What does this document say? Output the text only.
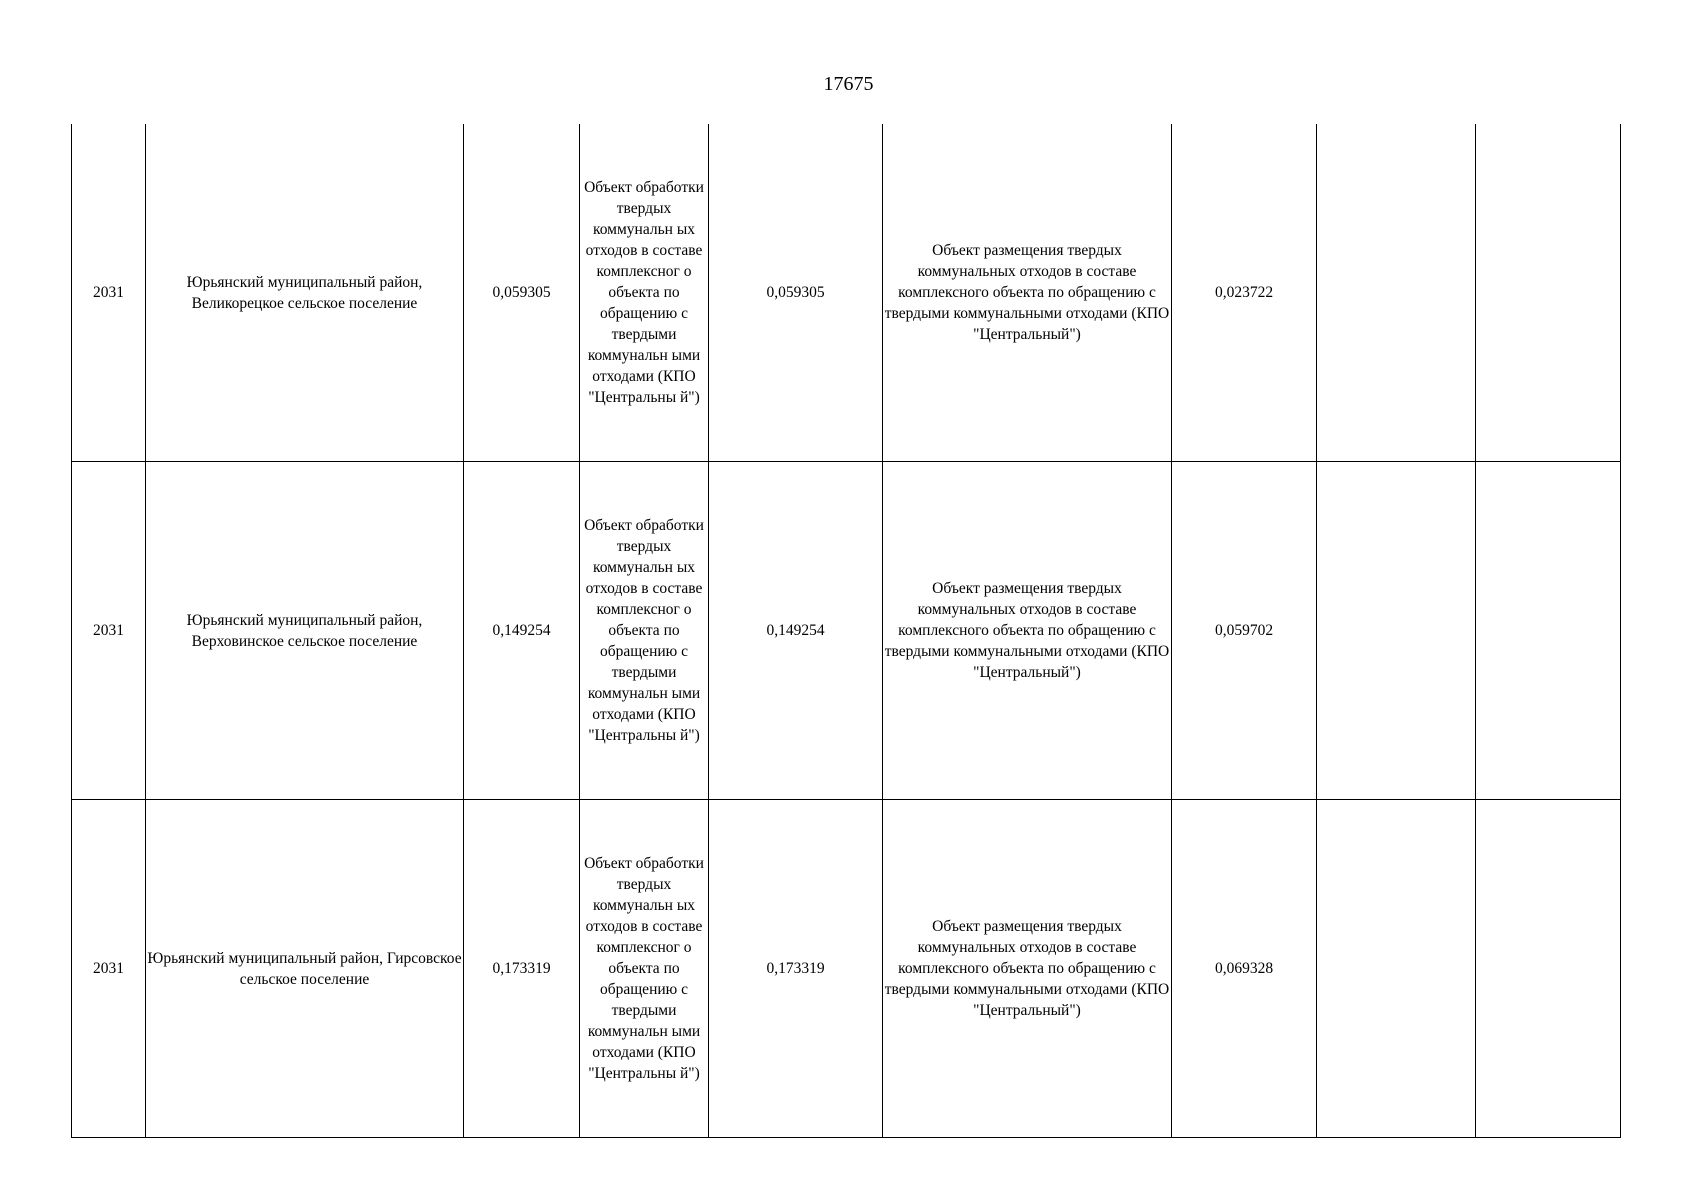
17675
2031	Юрьянский муниципальный район, Великорецкое сельское поселение	0,059305	Объект обработки твердых коммунальн ых отходов в составе комплексног о объекта по обращению с твердыми коммунальн ыми отходами (КПО "Центральны й")	0,059305	Объект размещения твердых коммунальных отходов в составе комплексного объекта по обращению с твердыми коммунальными отходами (КПО "Центральный")	0,023722		
2031	Юрьянский муниципальный район, Верховинское сельское поселение	0,149254	Объект обработки твердых коммунальн ых отходов в составе комплексног о объекта по обращению с твердыми коммунальн ыми отходами (КПО "Центральны й")	0,149254	Объект размещения твердых коммунальных отходов в составе комплексного объекта по обращению с твердыми коммунальными отходами (КПО "Центральный")	0,059702		
2031	Юрьянский муниципальный район, Гирсовское сельское поселение	0,173319	Объект обработки твердых коммунальн ых отходов в составе комплексног о объекта по обращению с твердыми коммунальн ыми отходами (КПО "Центральны й")	0,173319	Объект размещения твердых коммунальных отходов в составе комплексного объекта по обращению с твердыми коммунальными отходами (КПО "Центральный")	0,069328		
